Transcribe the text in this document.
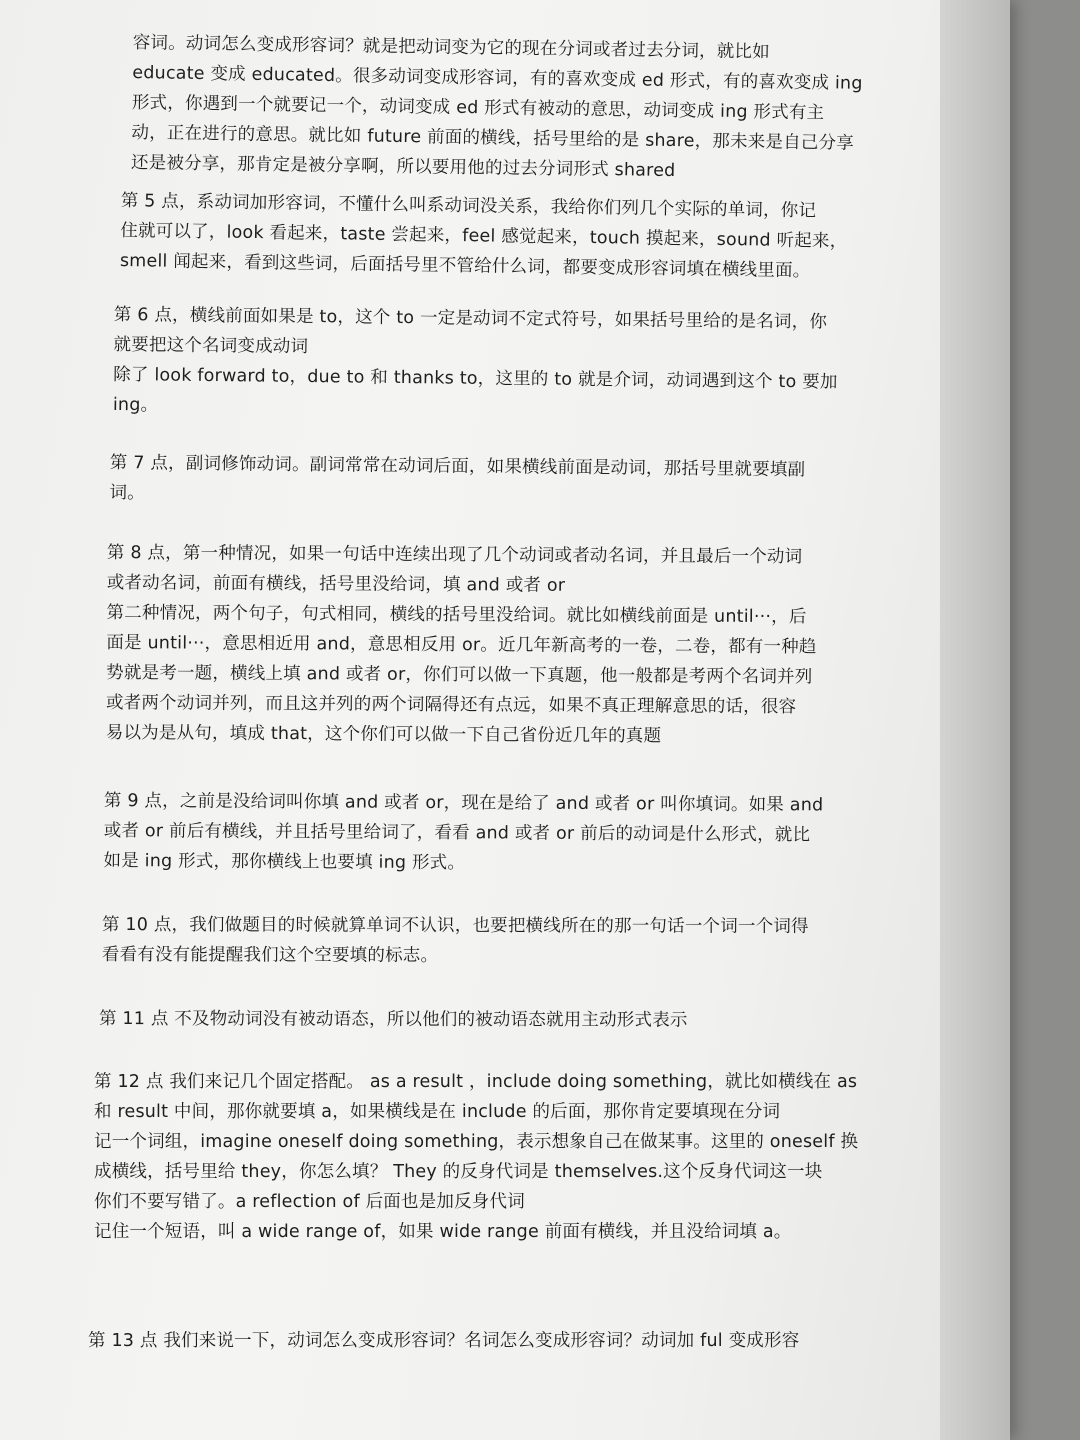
容词。动词怎么变成形容词？就是把动词变为它的现在分词或者过去分词，就比如
educate 变成 educated。很多动词变成形容词，有的喜欢变成 ed 形式，有的喜欢变成 ing
形式，你遇到一个就要记一个，动词变成 ed 形式有被动的意思，动词变成 ing 形式有主
动，正在进行的意思。就比如 future 前面的横线，括号里给的是 share，那未来是自己分享
还是被分享，那肯定是被分享啊，所以要用他的过去分词形式 shared
第 5 点，系动词加形容词，不懂什么叫系动词没关系，我给你们列几个实际的单词，你记
住就可以了，look 看起来，taste 尝起来，feel 感觉起来，touch 摸起来，sound 听起来，
smell 闻起来，看到这些词，后面括号里不管给什么词，都要变成形容词填在横线里面。
第 6 点，横线前面如果是 to，这个 to 一定是动词不定式符号，如果括号里给的是名词，你
就要把这个名词变成动词
除了 look forward to，due to 和 thanks to，这里的 to 就是介词，动词遇到这个 to 要加
ing。
第 7 点，副词修饰动词。副词常常在动词后面，如果横线前面是动词，那括号里就要填副
词。
第 8 点，第一种情况，如果一句话中连续出现了几个动词或者动名词，并且最后一个动词
或者动名词，前面有横线，括号里没给词，填 and 或者 or
第二种情况，两个句子，句式相同，横线的括号里没给词。就比如横线前面是 until···，后
面是 until···，意思相近用 and，意思相反用 or。近几年新高考的一卷，二卷，都有一种趋
势就是考一题，横线上填 and 或者 or，你们可以做一下真题，他一般都是考两个名词并列
或者两个动词并列，而且这并列的两个词隔得还有点远，如果不真正理解意思的话，很容
易以为是从句，填成 that，这个你们可以做一下自己省份近几年的真题
第 9 点，之前是没给词叫你填 and 或者 or，现在是给了 and 或者 or 叫你填词。如果 and
或者 or 前后有横线，并且括号里给词了，看看 and 或者 or 前后的动词是什么形式，就比
如是 ing 形式，那你横线上也要填 ing 形式。
第 10 点，我们做题目的时候就算单词不认识，也要把横线所在的那一句话一个词一个词得
看看有没有能提醒我们这个空要填的标志。
第 11 点 不及物动词没有被动语态，所以他们的被动语态就用主动形式表示
第 12 点 我们来记几个固定搭配。 as a result ，include doing something，就比如横线在 as
和 result 中间，那你就要填 a，如果横线是在 include 的后面，那你肯定要填现在分词
记一个词组，imagine oneself doing something，表示想象自己在做某事。这里的 oneself 换
成横线，括号里给 they，你怎么填？ They 的反身代词是 themselves.这个反身代词这一块
你们不要写错了。a reflection of 后面也是加反身代词
记住一个短语，叫 a wide range of，如果 wide range 前面有横线，并且没给词填 a。
第 13 点 我们来说一下，动词怎么变成形容词？名词怎么变成形容词？动词加 ful 变成形容
